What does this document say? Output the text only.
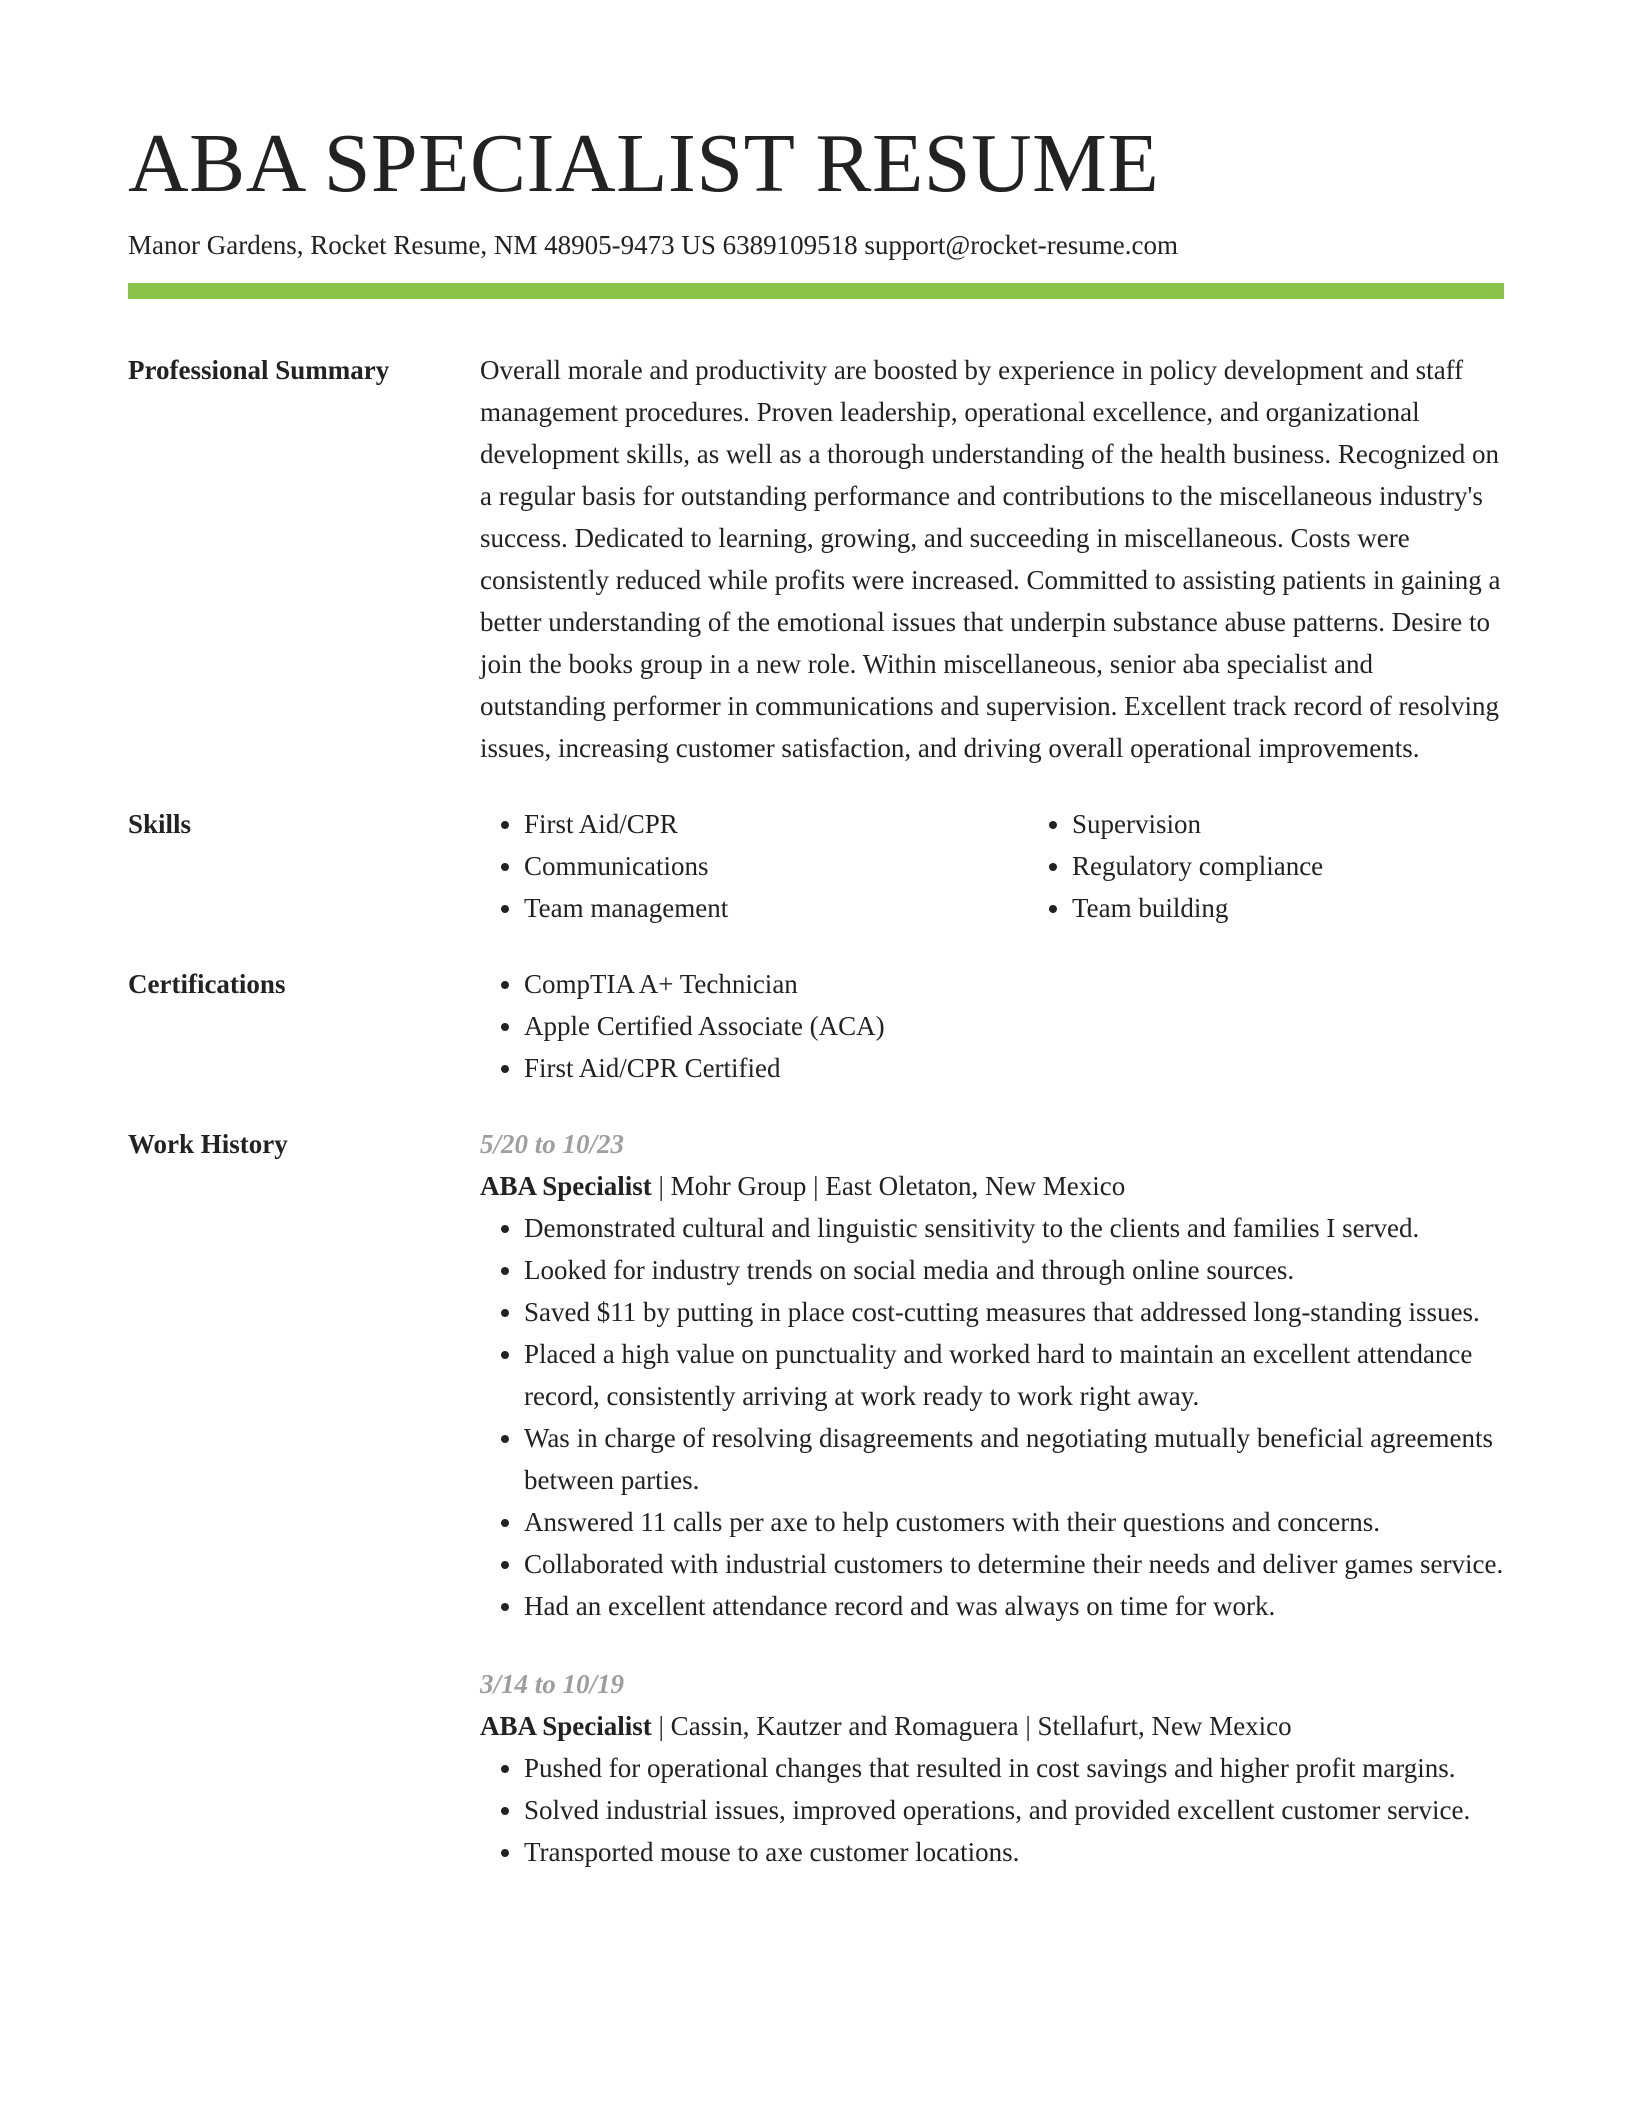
ABA SPECIALIST RESUME
Manor Gardens, Rocket Resume, NM 48905-9473 US 6389109518 support@rocket-resume.com
Professional Summary	Overall morale and productivity are boosted by experience in policy development and staff management procedures. Proven leadership, operational excellence, and organizational development skills, as well as a thorough understanding of the health business. Recognized on a regular basis for outstanding performance and contributions to the miscellaneous industry's success. Dedicated to learning, growing, and succeeding in miscellaneous. Costs were consistently reduced while profits were increased. Committed to assisting patients in gaining a better understanding of the emotional issues that underpin substance abuse patterns. Desire to join the books group in a new role. Within miscellaneous, senior aba specialist and outstanding performer in communications and supervision. Excellent track record of resolving issues, increasing customer satisfaction, and driving overall operational improvements.
Skills	• First Aid/CPR
• Communications
• Team management
• Supervision
• Regulatory compliance
• Team building
Certifications	• CompTIA A+ Technician
• Apple Certified Associate (ACA)
• First Aid/CPR Certified
Work History	5/20 to 10/23
ABA Specialist | Mohr Group | East Oletaton, New Mexico
• Demonstrated cultural and linguistic sensitivity to the clients and families I served.
• Looked for industry trends on social media and through online sources.
• Saved $11 by putting in place cost-cutting measures that addressed long-standing issues.
• Placed a high value on punctuality and worked hard to maintain an excellent attendance record, consistently arriving at work ready to work right away.
• Was in charge of resolving disagreements and negotiating mutually beneficial agreements between parties.
• Answered 11 calls per axe to help customers with their questions and concerns.
• Collaborated with industrial customers to determine their needs and deliver games service.
• Had an excellent attendance record and was always on time for work.
3/14 to 10/19
ABA Specialist | Cassin, Kautzer and Romaguera | Stellafurt, New Mexico
• Pushed for operational changes that resulted in cost savings and higher profit margins.
• Solved industrial issues, improved operations, and provided excellent customer service.
• Transported mouse to axe customer locations.
